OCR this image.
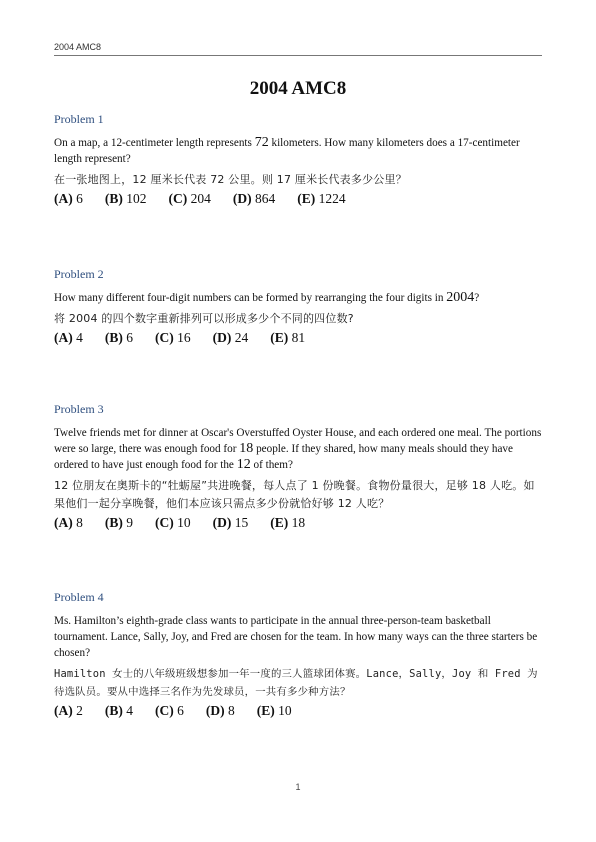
2004 AMC8
2004 AMC8
Problem 1
On a map, a 12-centimeter length represents 72 kilometers. How many kilometers does a 17-centimeter length represent?
在一张地图上，12 厘米长代表 72 公里。则 17 厘米长代表多少公里？
(A) 6 (B) 102 (C) 204 (D) 864 (E) 1224
Problem 2
How many different four-digit numbers can be formed by rearranging the four digits in 2004?
将 2004 的四个数字重新排列可以形成多少个不同的四位数?
(A) 4 (B) 6 (C) 16 (D) 24 (E) 81
Problem 3
Twelve friends met for dinner at Oscar's Overstuffed Oyster House, and each ordered one meal. The portions were so large, there was enough food for 18 people. If they shared, how many meals should they have ordered to have just enough food for the 12 of them?
12 位朋友在奥斯卡的“牡蛎屋”共进晚餐，每人点了 1 份晚餐。食物份量很大，足够 18 人吃。如果他们一起分享晚餐，他们本应该只需点多少份就恰好够 12 人吃？
(A) 8 (B) 9 (C) 10 (D) 15 (E) 18
Problem 4
Ms. Hamilton’s eighth-grade class wants to participate in the annual three-person-team basketball tournament. Lance, Sally, Joy, and Fred are chosen for the team. In how many ways can the three starters be chosen?
Hamilton 女士的八年级班级想参加一年一度的三人篮球团体赛。Lance，Sally，Joy 和 Fred 为待选队员。要从中选择三名作为先发球员，一共有多少种方法？
(A) 2 (B) 4 (C) 6 (D) 8 (E) 10
1
